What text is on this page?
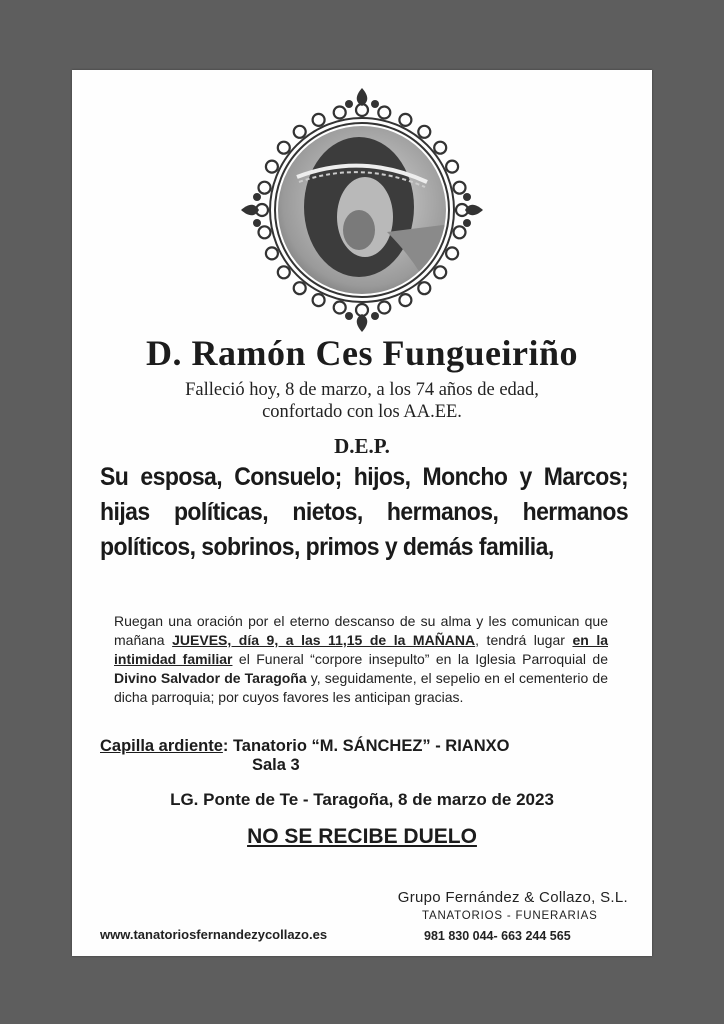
D. Ramón Ces Fungueiriño
Falleció hoy, 8 de marzo, a los 74 años de edad,
confortado con los AA.EE.
D.E.P.
Su esposa, Consuelo; hijos, Moncho y Marcos; hijas políticas, nietos, hermanos, hermanos políticos, sobrinos, primos y demás familia,
Ruegan una oración por el eterno descanso de su alma y les comunican que mañana JUEVES, día 9, a las 11,15 de la MAÑANA, tendrá lugar en la intimidad familiar el Funeral “corpore insepulto” en la Iglesia Parroquial de Divino Salvador de Taragoña y, seguidamente, el sepelio en el cementerio de dicha parroquia; por cuyos favores les anticipan gracias.
Capilla ardiente: Tanatorio “M. SÁNCHEZ” - RIANXO
Sala 3
LG. Ponte de Te - Taragoña, 8 de marzo de 2023
NO SE RECIBE DUELO
Grupo Fernández & Collazo, S.L.
TANATORIOS - FUNERARIAS
981 830 044- 663 244 565
www.tanatoriosfernandezycollazo.es
